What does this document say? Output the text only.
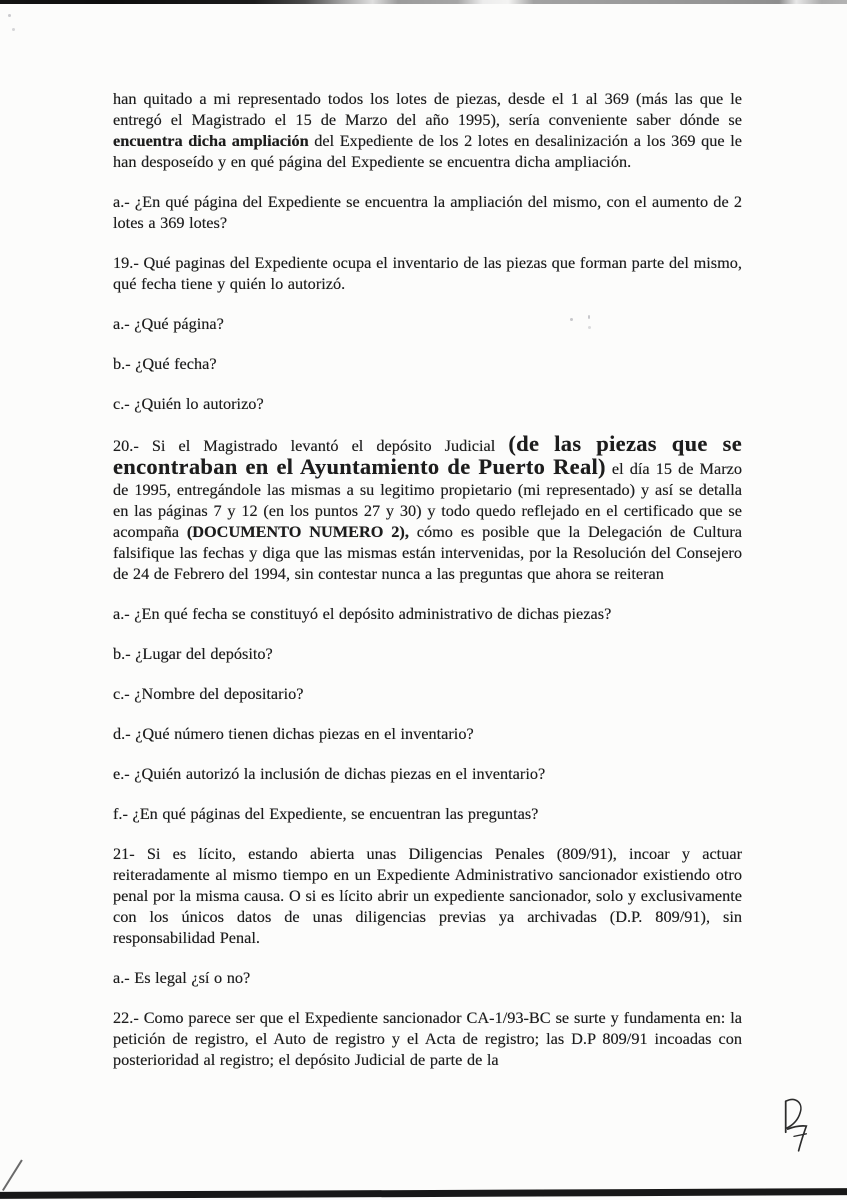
han quitado a mi representado todos los lotes de piezas, desde el 1 al 369 (más las que le entregó el Magistrado el 15 de Marzo del año 1995), sería conveniente saber dónde se encuentra dicha ampliación del Expediente de los 2 lotes en desalinización a los 369 que le han desposeído y en qué página del Expediente se encuentra dicha ampliación.

a.- ¿En qué página del Expediente se encuentra la ampliación del mismo, con el aumento de 2 lotes a 369 lotes?

19.- Qué paginas del Expediente ocupa el inventario de las piezas que forman parte del mismo, qué fecha tiene y quién lo autorizó.

a.- ¿Qué página?

b.- ¿Qué fecha?

c.- ¿Quién lo autorizo?

20.- Si el Magistrado levantó el depósito Judicial (de las piezas que se encontraban en el Ayuntamiento de Puerto Real) el día 15 de Marzo de 1995, entregándole las mismas a su legitimo propietario (mi representado) y así se detalla en las páginas 7 y 12 (en los puntos 27 y 30) y todo quedo reflejado en el certificado que se acompaña (DOCUMENTO NUMERO 2), cómo es posible que la Delegación de Cultura falsifique las fechas y diga que las mismas están intervenidas, por la Resolución del Consejero de 24 de Febrero del 1994, sin contestar nunca a las preguntas que ahora se reiteran

a.- ¿En qué fecha se constituyó el depósito administrativo de dichas piezas?

b.- ¿Lugar del depósito?

c.- ¿Nombre del depositario?

d.- ¿Qué número tienen dichas piezas en el inventario?

e.- ¿Quién autorizó la inclusión de dichas piezas en el inventario?

f.- ¿En qué páginas del Expediente, se encuentran las preguntas?

21- Si es lícito, estando abierta unas Diligencias Penales (809/91), incoar y actuar reiteradamente al mismo tiempo en un Expediente Administrativo sancionador existiendo otro penal por la misma causa. O si es lícito abrir un expediente sancionador, solo y exclusivamente con los únicos datos de unas diligencias previas ya archivadas (D.P. 809/91), sin responsabilidad Penal.

a.- Es legal ¿sí o no?

22.- Como parece ser que el Expediente sancionador CA-1/93-BC se surte y fundamenta en: la petición de registro, el Auto de registro y el Acta de registro; las D.P 809/91 incoadas con posterioridad al registro; el depósito Judicial de parte de la
